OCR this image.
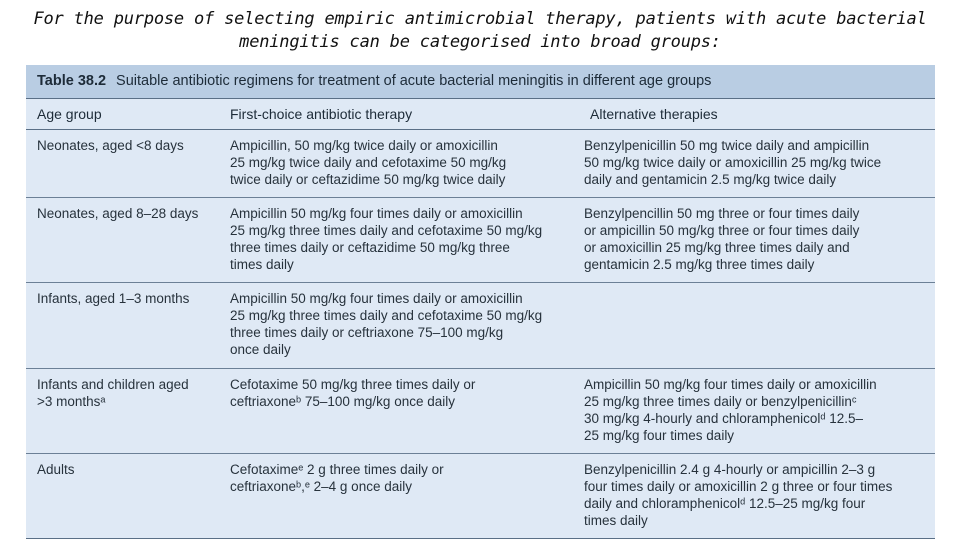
For the purpose of selecting empiric antimicrobial therapy, patients with acute bacterial
meningitis can be categorised into broad groups:
Table 38.2 Suitable antibiotic regimens for treatment of acute bacterial meningitis in different age groups
Age group	First-choice antibiotic therapy	Alternative therapies

Neonates, aged <8 days	Ampicillin, 50 mg/kg twice daily or amoxicillin
25 mg/kg twice daily and cefotaxime 50 mg/kg
twice daily or ceftazidime 50 mg/kg twice daily	Benzylpenicillin 50 mg twice daily and ampicillin
50 mg/kg twice daily or amoxicillin 25 mg/kg twice
daily and gentamicin 2.5 mg/kg twice daily

Neonates, aged 8–28 days	Ampicillin 50 mg/kg four times daily or amoxicillin
25 mg/kg three times daily and cefotaxime 50 mg/kg
three times daily or ceftazidime 50 mg/kg three
times daily	Benzylpencillin 50 mg three or four times daily
or ampicillin 50 mg/kg three or four times daily
or amoxicillin 25 mg/kg three times daily and
gentamicin 2.5 mg/kg three times daily

Infants, aged 1–3 months	Ampicillin 50 mg/kg four times daily or amoxicillin
25 mg/kg three times daily and cefotaxime 50 mg/kg
three times daily or ceftriaxone 75–100 mg/kg
once daily	

Infants and children aged
>3 monthsᵃ	Cefotaxime 50 mg/kg three times daily or
ceftriaxoneᵇ 75–100 mg/kg once daily	Ampicillin 50 mg/kg four times daily or amoxicillin
25 mg/kg three times daily or benzylpenicillinᶜ
30 mg/kg 4-hourly and chloramphenicolᵈ 12.5–
25 mg/kg four times daily

Adults	Cefotaximeᵉ 2 g three times daily or
ceftriaxoneᵇ,ᵉ 2–4 g once daily	Benzylpenicillin 2.4 g 4-hourly or ampicillin 2–3 g
four times daily or amoxicillin 2 g three or four times
daily and chloramphenicolᵈ 12.5–25 mg/kg four
times daily
